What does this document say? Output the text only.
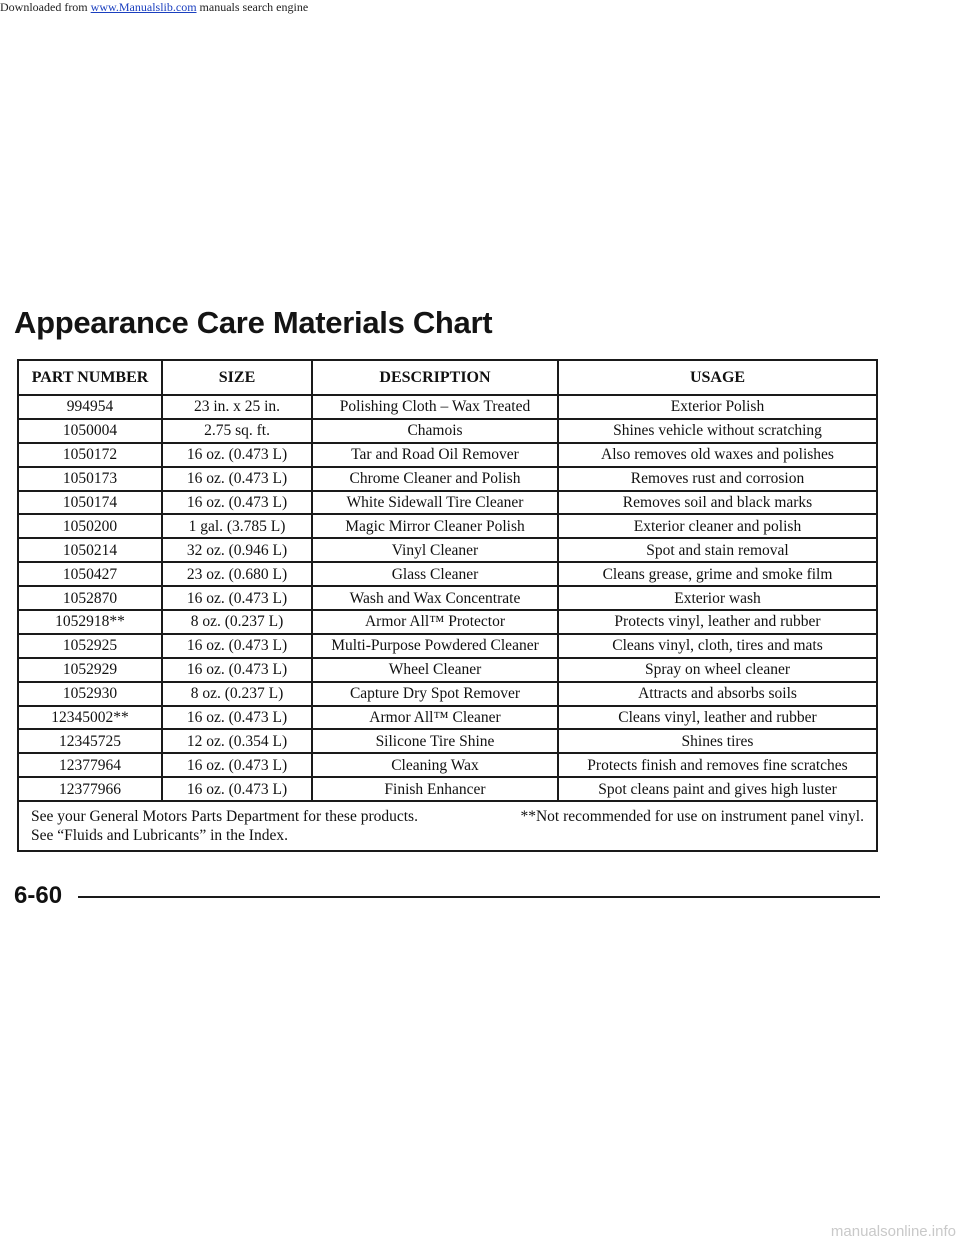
Downloaded from www.Manualslib.com manuals search engine
Appearance Care Materials Chart
PART NUMBER	SIZE	DESCRIPTION	USAGE
994954	23 in. x 25 in.	Polishing Cloth – Wax Treated	Exterior Polish
1050004	2.75 sq. ft.	Chamois	Shines vehicle without scratching
1050172	16 oz. (0.473 L)	Tar and Road Oil Remover	Also removes old waxes and polishes
1050173	16 oz. (0.473 L)	Chrome Cleaner and Polish	Removes rust and corrosion
1050174	16 oz. (0.473 L)	White Sidewall Tire Cleaner	Removes soil and black marks
1050200	1 gal. (3.785 L)	Magic Mirror Cleaner Polish	Exterior cleaner and polish
1050214	32 oz. (0.946 L)	Vinyl Cleaner	Spot and stain removal
1050427	23 oz. (0.680 L)	Glass Cleaner	Cleans grease, grime and smoke film
1052870	16 oz. (0.473 L)	Wash and Wax Concentrate	Exterior wash
1052918**	8 oz. (0.237 L)	Armor All™ Protector	Protects vinyl, leather and rubber
1052925	16 oz. (0.473 L)	Multi-Purpose Powdered Cleaner	Cleans vinyl, cloth, tires and mats
1052929	16 oz. (0.473 L)	Wheel Cleaner	Spray on wheel cleaner
1052930	8 oz. (0.237 L)	Capture Dry Spot Remover	Attracts and absorbs soils
12345002**	16 oz. (0.473 L)	Armor All™ Cleaner	Cleans vinyl, leather and rubber
12345725	12 oz. (0.354 L)	Silicone Tire Shine	Shines tires
12377964	16 oz. (0.473 L)	Cleaning Wax	Protects finish and removes fine scratches
12377966	16 oz. (0.473 L)	Finish Enhancer	Spot cleans paint and gives high luster

See your General Motors Parts Department for these products. **Not recommended for use on instrument panel vinyl.
See “Fluids and Lubricants” in the Index.			
6-60
manualsonline.info
